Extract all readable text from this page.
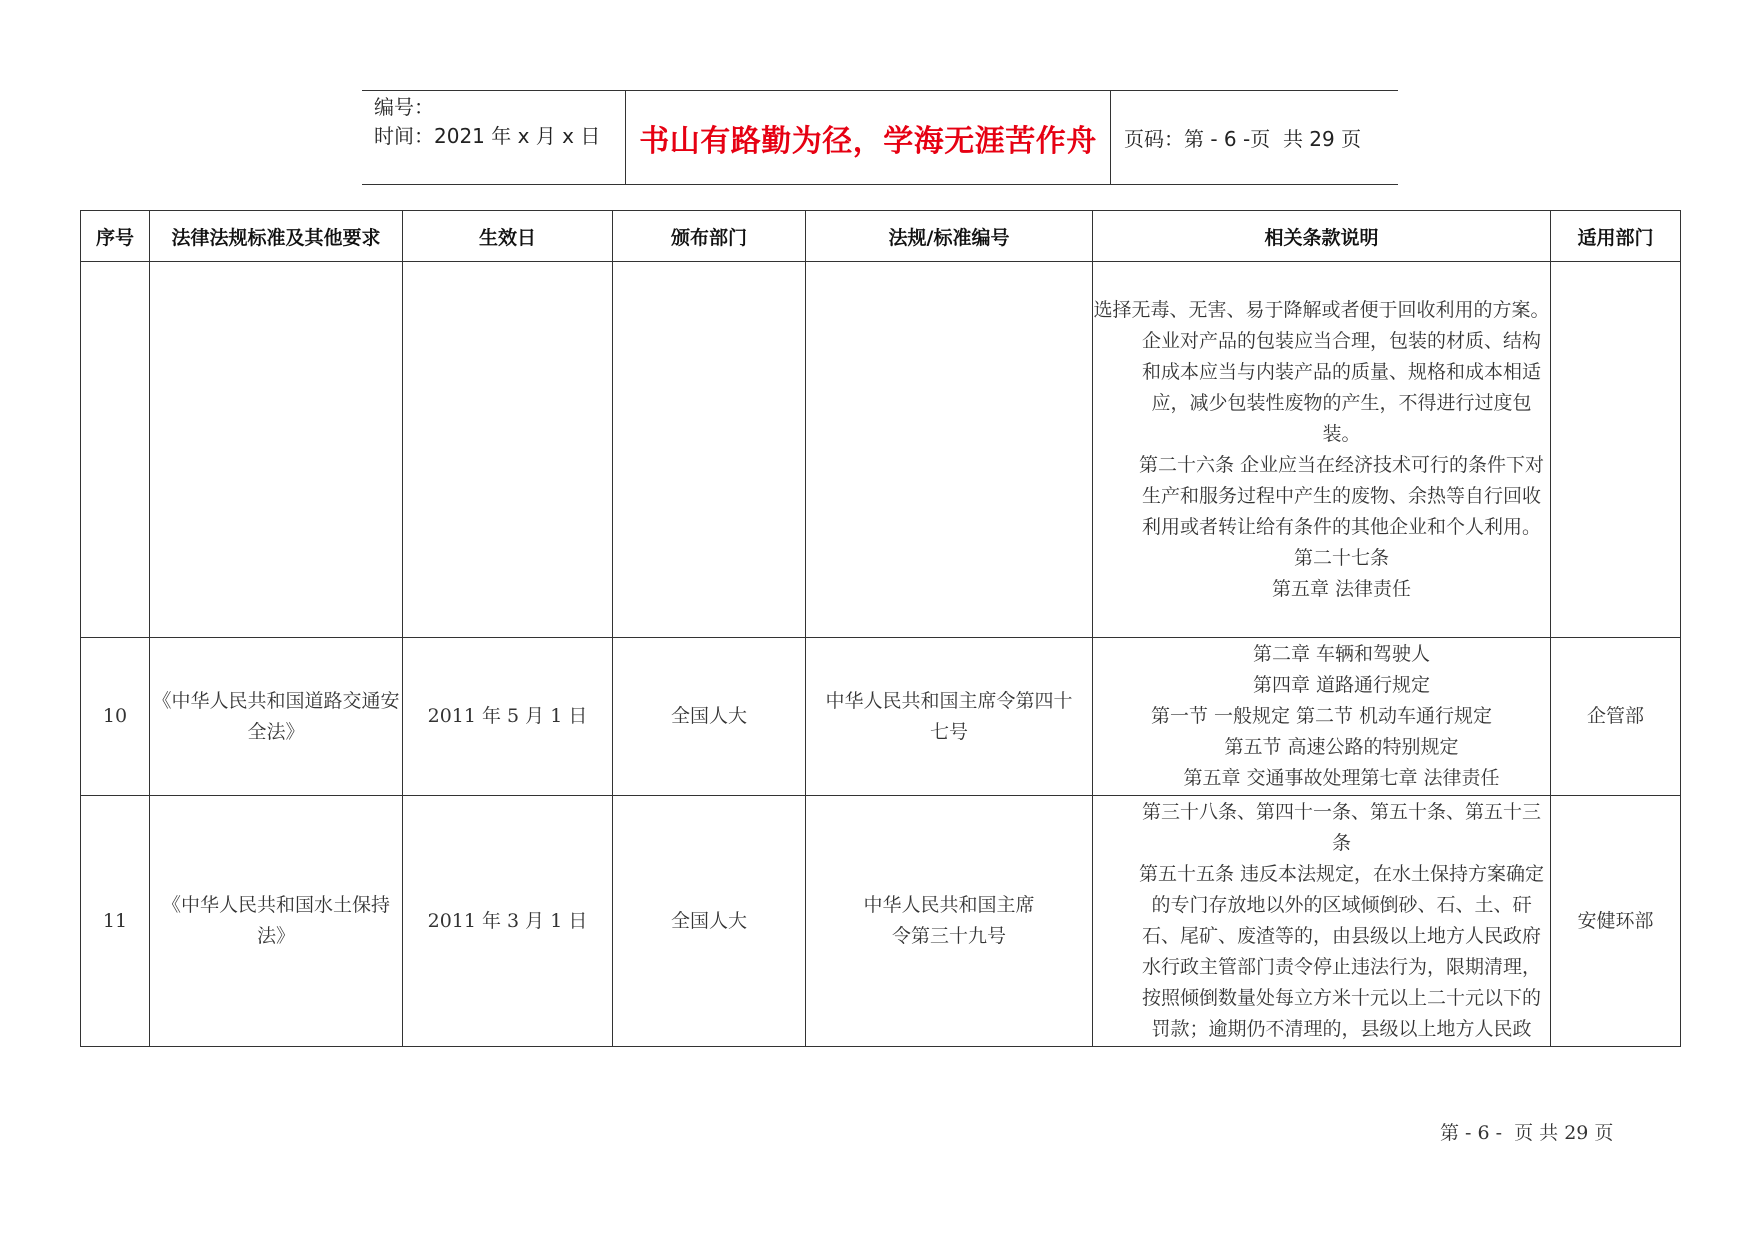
编号：
时间：2021 年 x 月 x 日	书山有路勤为径，学海无涯苦作舟	页码：第 - 6 -页  共 29 页
序号	法律法规标准及其他要求	生效日	颁布部门	法规/标准编号	相关条款说明	适用部门

					选择无毒、无害、易于降解或者便于回收利用的方案。
企业对产品的包装应当合理，包装的材质、结构和成本应当与内装产品的质量、规格和成本相适应，减少包装性废物的产生，不得进行过度包装。
第二十六条 企业应当在经济技术可行的条件下对生产和服务过程中产生的废物、余热等自行回收利用或者转让给有条件的其他企业和个人利用。
第二十七条
第五章 法律责任	

10	《中华人民共和国道路交通安全法》	2011 年 5 月 1 日	全国人大	中华人民共和国主席令第四十七号	第二章 车辆和驾驶人
第四章 道路通行规定
第一节 一般规定 第二节 机动车通行规定
第五节 高速公路的特别规定
第五章 交通事故处理第七章 法律责任	企管部
11	《中华人民共和国水土保持法》	2011 年 3 月 1 日	全国人大	中华人民共和国主席令第三十九号	第三十八条、第四十一条、第五十条、第五十三条
第五十五条 违反本法规定，在水土保持方案确定的专门存放地以外的区域倾倒砂、石、土、矸石、尾矿、废渣等的，由县级以上地方人民政府水行政主管部门责令停止违法行为，限期清理，按照倾倒数量处每立方米十元以上二十元以下的罚款；逾期仍不清理的，县级以上地方人民政	安健环部
第 - 6 -  页 共 29 页
